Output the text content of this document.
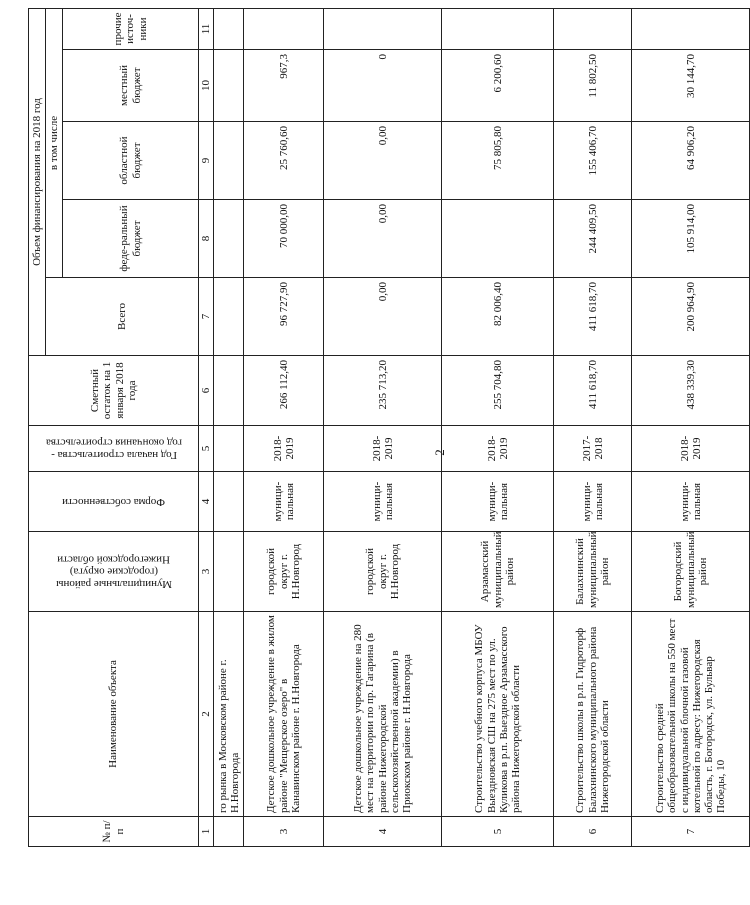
2
№ п/п	Наименование объекта	Муниципальные районы (городские округа) Нижегородской области	Форма собственности	Год начала строительства - год окончания строительства	Сметный остаток на 1 января 2018 года	Объем финансирования на 2018 год				
						Всего	в том числе			
							феде-ральный бюджет	областной бюджет	местный бюджет	прочие источ-ники
1	2	3	4	5	6	7	8	9	10	11
	го рынка в Московском районе г. Н.Новгорода									
3	Детское дошкольное учреждение в жилом районе "Мещерское озеро" в Канавинском районе г. Н.Новгорода	городской округ г. Н.Новгород	муници-пальная	2018-2019	266 112,40	96 727,90	70 000,00	25 760,60	967,3	
4	Детское дошкольное учреждение на 280 мест на территории по пр. Гагарина (в районе Нижегородской сельскохозяйственной академии) в Приокском районе г. Н.Новгорода	городской округ г. Н.Новгород	муници-пальная	2018-2019	235 713,20	0,00	0,00	0,00	0	
5	Строительство учебного корпуса МБОУ Выездновская СШ на 275 мест по ул. Куликова в р.п. Выездное Арзамасского района Нижегородской области	Арзамасский муниципальный район	муници-пальная	2018-2019	255 704,80	82 006,40		75 805,80	6 200,60	
6	Строительство школы в р.п. Гидроторф Балахнинского муниципального района Нижегородской области	Балахнинский муниципальный район	муници-пальная	2017-2018	411 618,70	411 618,70	244 409,50	155 406,70	11 802,50	
7	Строительство средней общеобразовательной школы на 550 мест с индивидуальной блочной газовой котельной по адресу: Нижегородская область, г. Богородск, ул. Бульвар Победы, 10	Богородский муниципальный район	муници-пальная	2018-2019	438 339,30	200 964,90	105 914,00	64 906,20	30 144,70	
